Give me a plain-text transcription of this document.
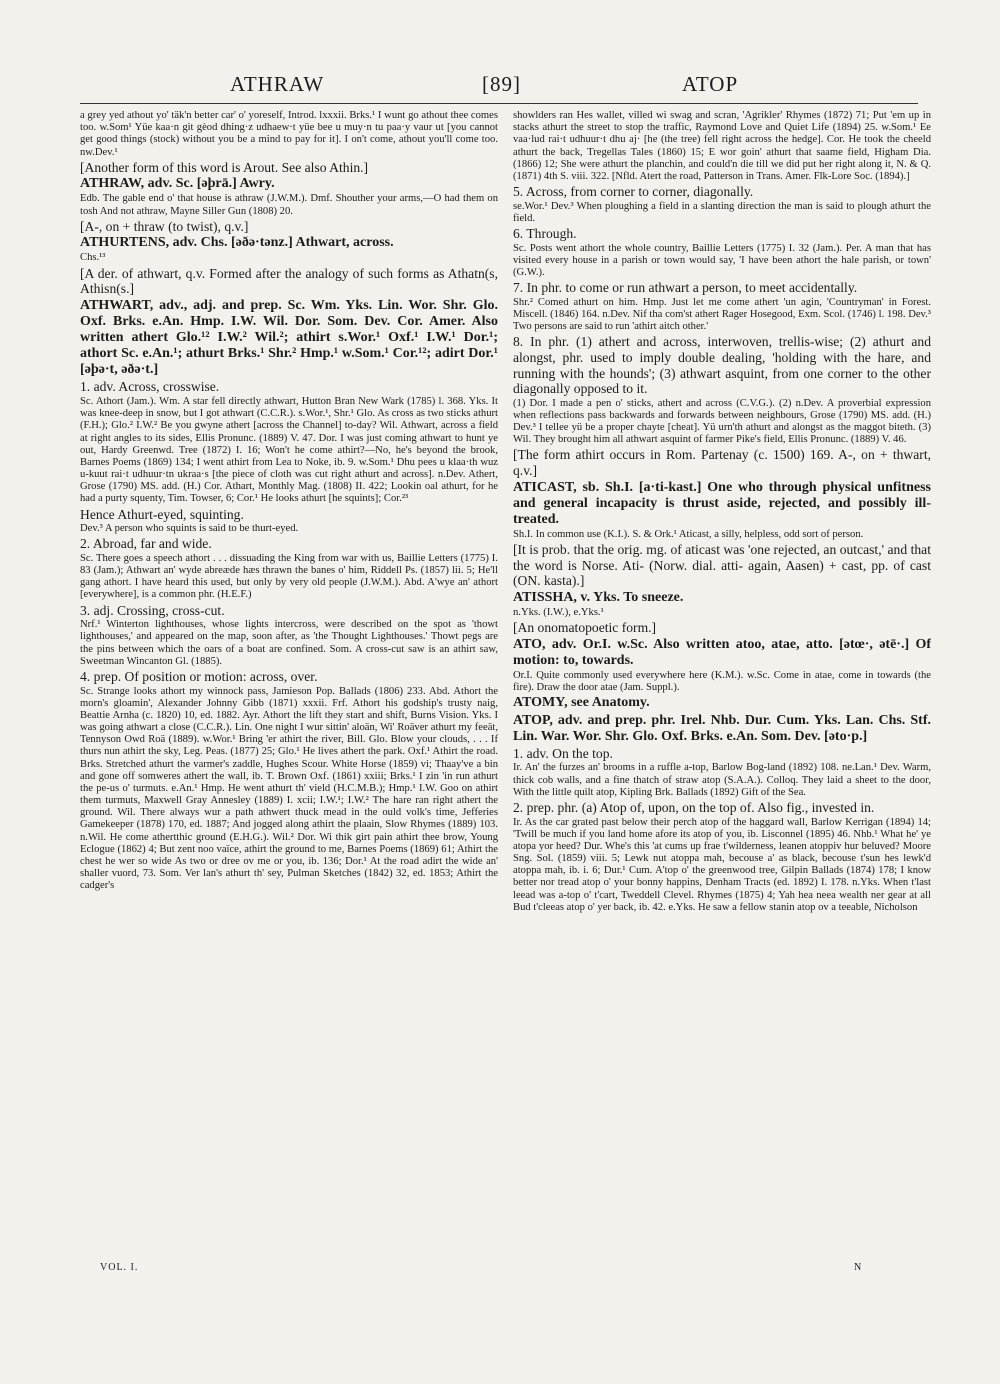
ATHRAW	[89]	ATOP

a grey yed athout yo' täk'n better car' o' yoreself, Introd. lxxxii. Brks.¹ I wunt go athout thee comes too. w.Som¹ Yüe kaa·n git gèod dhing·z udhaew·t yüe bee u muy·n tu paa·y vaur ut [you cannot get good things (stock) without you be a mind to pay for it]. I on't come, athout you'll come too. nw.Dev.¹

[Another form of this word is Arout. See also Athin.]

ATHRAW, adv. Sc. [əþrā.] Awry.

Edb. The gable end o' that house is athraw (J.W.M.). Dmf. Shouther your arms,—O had them on tosh And not athraw, Mayne Siller Gun (1808) 20.

[A-, on + thraw (to twist), q.v.]

ATHURTENS, adv. Chs. [əðə·tənz.] Athwart, across.

Chs.¹³

[A der. of athwart, q.v. Formed after the analogy of such forms as Athatn(s, Athisn(s.]

ATHWART, adv., adj. and prep. Sc. Wm. Yks. Lin. Wor. Shr. Glo. Oxf. Brks. e.An. Hmp. I.W. Wil. Dor. Som. Dev. Cor. Amer. Also written athert Glo.¹² I.W.² Wil.²; athirt s.Wor.¹ Oxf.¹ I.W.¹ Dor.¹; athort Sc. e.An.¹; athurt Brks.¹ Shr.² Hmp.¹ w.Som.¹ Cor.¹²; adirt Dor.¹ [əþə·t, əðə·t.]

1. adv. Across, crosswise.

Sc. Athort (Jam.). Wm. A star fell directly athwart, Hutton Bran New Wark (1785) l. 368. Yks. It was knee-deep in snow, but I got athwart (C.C.R.). s.Wor.¹, Shr.¹ Glo. As cross as two sticks athurt (F.H.); Glo.² I.W.² Be you gwyne athert [across the Channel] to-day? Wil. Athwart, across a field at right angles to its sides, Ellis Pronunc. (1889) V. 47. Dor. I was just coming athwart to hunt ye out, Hardy Greenwd. Tree (1872) I. 16; Won't he come athirt?—No, he's beyond the brook, Barnes Poems (1869) 134; I went athirt from Lea to Noke, ib. 9. w.Som.¹ Dhu pees u klaa·th wuz u-kuut rai·t udhuur·tn ukraa·s [the piece of cloth was cut right athurt and across]. n.Dev. Athert, Grose (1790) MS. add. (H.) Cor. Athart, Monthly Mag. (1808) II. 422; Lookin oal athurt, for he had a purty squenty, Tim. Towser, 6; Cor.¹ He looks athurt [he squints]; Cor.²³

Hence Athurt-eyed, squinting.

Dev.³ A person who squints is said to be thurt-eyed.

2. Abroad, far and wide.

Sc. There goes a speech athort . . . dissuading the King from war with us, Baillie Letters (1775) I. 83 (Jam.); Athwart an' wyde abreæde hæs thrawn the banes o' him, Riddell Ps. (1857) lii. 5; He'll gang athort. I have heard this used, but only by very old people (J.W.M.). Abd. A'wye an' athort [everywhere], is a common phr. (H.E.F.)

3. adj. Crossing, cross-cut.

Nrf.¹ Winterton lighthouses, whose lights intercross, were described on the spot as 'thowt lighthouses,' and appeared on the map, soon after, as 'the Thought Lighthouses.' Thowt pegs are the pins between which the oars of a boat are confined. Som. A cross-cut saw is an athirt saw, Sweetman Wincanton Gl. (1885).

4. prep. Of position or motion: across, over.

Sc. Strange looks athort my winnock pass, Jamieson Pop. Ballads (1806) 233. Abd. Athort the morn's gloamin', Alexander Johnny Gibb (1871) xxxii. Frf. Athort his godship's trusty naig, Beattie Arnha (c. 1820) 10, ed. 1882. Ayr. Athort the lift they start and shift, Burns Vision. Yks. I was going athwart a close (C.C.R.). Lin. One night I wur sittin' aloän, Wi' Roäver athurt my feeät, Tennyson Owd Roä (1889). w.Wor.¹ Bring 'er athirt the river, Bill. Glo. Blow your clouds, . . . If thurs nun athirt the sky, Leg. Peas. (1877) 25; Glo.¹ He lives athert the park. Oxf.¹ Athirt the road. Brks. Stretched athurt the varmer's zaddle, Hughes Scour. White Horse (1859) vi; Thaay've a bin and gone off somweres athert the wall, ib. T. Brown Oxf. (1861) xxiii; Brks.¹ I zin 'in run athurt the pe-us o' turmuts. e.An.¹ Hmp. He went athurt th' vield (H.C.M.B.); Hmp.¹ I.W. Goo on athirt them turmuts, Maxwell Gray Annesley (1889) I. xcii; I.W.¹; I.W.² The hare ran right athert the ground. Wil. There always wur a path athwert thuck mead in the ould volk's time, Jefferies Gamekeeper (1878) 170, ed. 1887; And jogged along athirt the plaain, Slow Rhymes (1889) 103. n.Wil. He come athertthic ground (E.H.G.). Wil.² Dor. Wi thik girt pain athirt thee brow, Young Eclogue (1862) 4; But zent noo vaïce, athirt the ground to me, Barnes Poems (1869) 61; Athirt the chest he wer so wide As two or dree ov me or you, ib. 136; Dor.¹ At the road adirt the wide an' shaller vuord, 73. Som. Ver lan's athurt th' sey, Pulman Sketches (1842) 32, ed. 1853; Athirt the cadger's

showlders ran Hes wallet, villed wi swag and scran, 'Agrikler' Rhymes (1872) 71; Put 'em up in stacks athurt the street to stop the traffic, Raymond Love and Quiet Life (1894) 25. w.Som.¹ Ee vaa·lud rai·t udhuur·t dhu aj· [he (the tree) fell right across the hedge]. Cor. He took the cheeld athurt the back, Tregellas Tales (1860) 15; E wor goin' athurt that saame field, Higham Dia. (1866) 12; She were athurt the planchin, and could'n die till we did put her right along it, N. & Q. (1871) 4th S. viii. 322. [Nfld. Atert the road, Patterson in Trans. Amer. Flk-Lore Soc. (1894).]

5. Across, from corner to corner, diagonally.

se.Wor.¹ Dev.³ When ploughing a field in a slanting direction the man is said to plough athurt the field.

6. Through.

Sc. Posts went athort the whole country, Baillie Letters (1775) I. 32 (Jam.). Per. A man that has visited every house in a parish or town would say, 'I have been athort the hale parish, or town' (G.W.).

7. In phr. to come or run athwart a person, to meet accidentally.

Shr.² Comed athurt on him. Hmp. Just let me come athert 'un agin, 'Countryman' in Forest. Miscell. (1846) 164. n.Dev. Nif tha com'st athert Rager Hosegood, Exm. Scol. (1746) l. 198. Dev.³ Two persons are said to run 'athirt aitch other.'

8. In phr. (1) athert and across, interwoven, trellis-wise; (2) athurt and alongst, phr. used to imply double dealing, 'holding with the hare, and running with the hounds'; (3) athwart asquint, from one corner to the other diagonally opposed to it.

(1) Dor. I made a pen o' sticks, athert and across (C.V.G.). (2) n.Dev. A proverbial expression when reflections pass backwards and forwards between neighbours, Grose (1790) MS. add. (H.) Dev.³ I tellee yü be a proper chayte [cheat]. Yü urn'th athurt and alongst as the maggot biteth. (3) Wil. They brought him all athwart asquint of farmer Pike's field, Ellis Pronunc. (1889) V. 46.

[The form athirt occurs in Rom. Partenay (c. 1500) 169. A-, on + thwart, q.v.]

ATICAST, sb. Sh.I. [a·ti-kast.] One who through physical unfitness and general incapacity is thrust aside, rejected, and possibly ill-treated.

Sh.I. In common use (K.I.). S. & Ork.¹ Aticast, a silly, helpless, odd sort of person.

[It is prob. that the orig. mg. of aticast was 'one rejected, an outcast,' and that the word is Norse. Ati- (Norw. dial. atti- again, Aasen) + cast, pp. of cast (ON. kasta).]

ATISSHA, v. Yks. To sneeze.

n.Yks. (I.W.), e.Yks.¹

[An onomatopoetic form.]

ATO, adv. Or.I. w.Sc. Also written atoo, atae, atto. [ətœ·, ətē·.] Of motion: to, towards.

Or.I. Quite commonly used everywhere here (K.M.). w.Sc. Come in atae, come in towards (the fire). Draw the door atae (Jam. Suppl.).

ATOMY, see Anatomy.

ATOP, adv. and prep. phr. Irel. Nhb. Dur. Cum. Yks. Lan. Chs. Stf. Lin. War. Wor. Shr. Glo. Oxf. Brks. e.An. Som. Dev. [əto·p.]

1. adv. On the top.

Ir. An' the furzes an' brooms in a ruffle a-top, Barlow Bog-land (1892) 108. ne.Lan.¹ Dev. Warm, thick cob walls, and a fine thatch of straw atop (S.A.A.). Colloq. They laid a sheet to the door, With the little quilt atop, Kipling Brk. Ballads (1892) Gift of the Sea.

2. prep. phr. (a) Atop of, upon, on the top of. Also fig., invested in.

Ir. As the car grated past below their perch atop of the haggard wall, Barlow Kerrigan (1894) 14; 'Twill be much if you land home afore its atop of you, ib. Lisconnel (1895) 46. Nhb.¹ What he' ye atopa yor heed? Dur. Whe's this 'at cums up frae t'wilderness, leanen atoppiv hur beluved? Moore Sng. Sol. (1859) viii. 5; Lewk nut atoppa mah, becouse a' as black, becouse t'sun hes lewk'd atoppa mah, ib. i. 6; Dur.¹ Cum. A'top o' the greenwood tree, Gilpin Ballads (1874) 178; I know better nor tread atop o' your bonny happins, Denham Tracts (ed. 1892) I. 178. n.Yks. When t'last leead was a-top o' t'cart, Tweddell Clevel. Rhymes (1875) 4; Yah hea neea wealth ner gear at all Bud t'cleeas atop o' yer back, ib. 42. e.Yks. He saw a fellow stanin atop ov a teeable, Nicholson

VOL. I.	N
